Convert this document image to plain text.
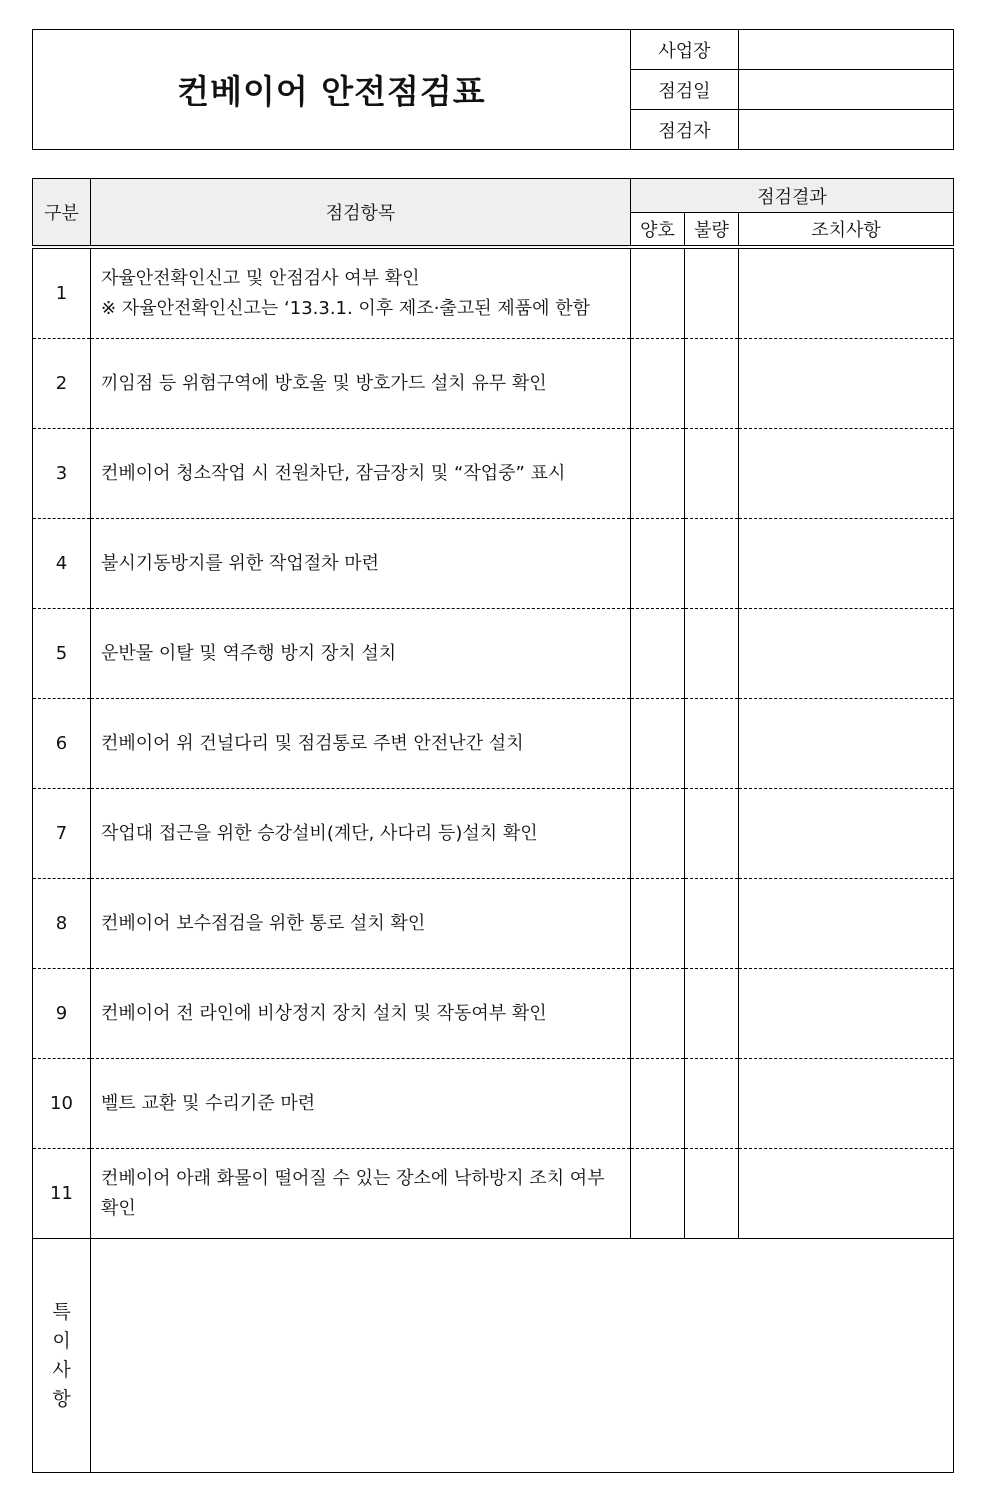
컨베이어 안전점검표	사업장	
	점검일	
	점검자	
구분	점검항목	점검결과		
		양호	불량	조치사항
1	자율안전확인신고 및 안점검사 여부 확인
※ 자율안전확인신고는 ‘13.3.1. 이후 제조·출고된 제품에 한함			

2	끼임점 등 위험구역에 방호울 및 방호가드 설치 유무 확인			

3	컨베이어 청소작업 시 전원차단, 잠금장치 및 “작업중” 표시			

4	불시기동방지를 위한 작업절차 마련			

5	운반물 이탈 및 역주행 방지 장치 설치			

6	컨베이어 위 건널다리 및 점검통로 주변 안전난간 설치			

7	작업대 접근을 위한 승강설비(계단, 사다리 등)설치 확인			

8	컨베이어 보수점검을 위한 통로 설치 확인			

9	컨베이어 전 라인에 비상정지 장치 설치 및 작동여부 확인			

10	벨트 교환 및 수리기준 마련			

11	컨베이어 아래 화물이 떨어질 수 있는 장소에 낙하방지 조치 여부
확인			

특
이
사
항				
